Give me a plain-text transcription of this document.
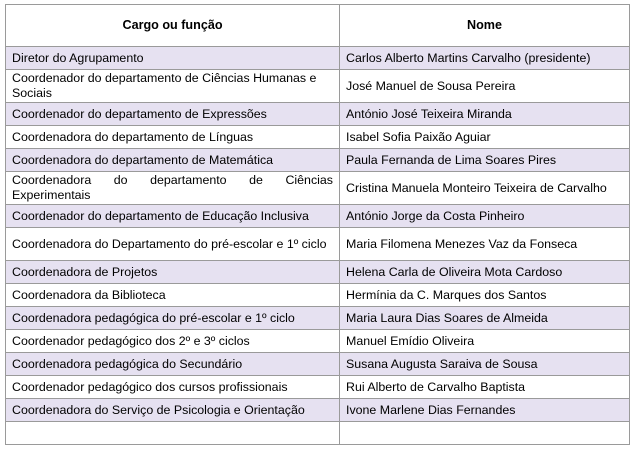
Cargo ou função	Nome
Diretor do Agrupamento	Carlos Alberto Martins Carvalho (presidente)
Coordenador do departamento de Ciências Humanas e Sociais	José Manuel de Sousa Pereira
Coordenador do departamento de Expressões	António José Teixeira Miranda
Coordenadora do departamento de Línguas	Isabel Sofia Paixão Aguiar
Coordenadora do departamento de Matemática	Paula Fernanda de Lima Soares Pires
Coordenadora do departamento de Ciências Experimentais	Cristina Manuela Monteiro Teixeira de Carvalho
Coordenador do departamento de Educação Inclusiva	António Jorge da Costa Pinheiro
Coordenadora do Departamento do pré-escolar e 1º ciclo	Maria Filomena Menezes Vaz da Fonseca
Coordenadora de Projetos	Helena Carla de Oliveira Mota Cardoso
Coordenadora da Biblioteca	Hermínia da C. Marques dos Santos
Coordenadora pedagógica do pré-escolar e 1º ciclo	Maria Laura Dias Soares de Almeida
Coordenador pedagógico dos 2º e 3º ciclos	Manuel Emídio Oliveira
Coordenadora pedagógica do Secundário	Susana Augusta Saraiva de Sousa
Coordenador pedagógico dos cursos profissionais	Rui Alberto de Carvalho Baptista
Coordenadora do Serviço de Psicologia e Orientação	Ivone Marlene Dias Fernandes
